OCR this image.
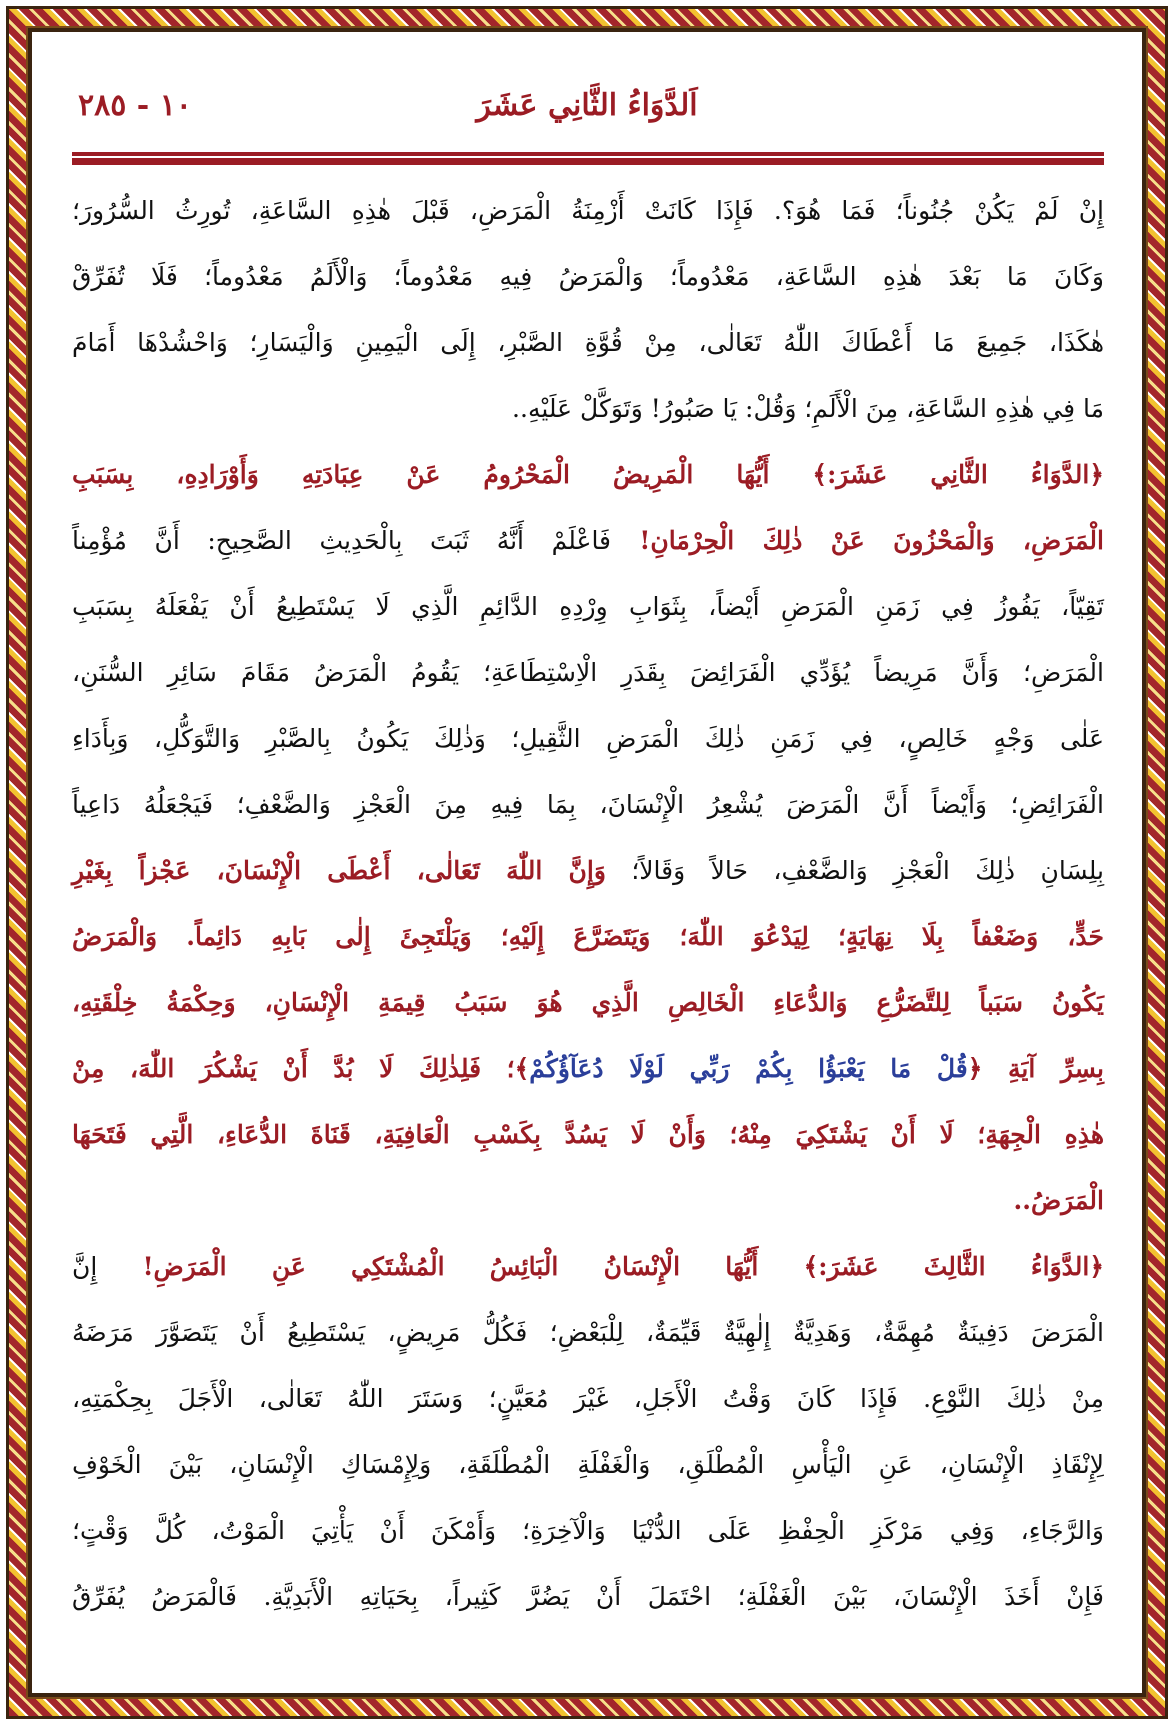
اَلدَّوَاءُ الثَّانِي عَشَرَ
١٠ - ٢٨٥
إِنْ لَمْ يَكُنْ جُنُوناً؛ فَمَا هُوَ؟. فَإِذَا كَانَتْ أَزْمِنَةُ الْمَرَضِ، قَبْلَ هٰذِهِ السَّاعَةِ، تُورِثُ السُّرُورَ؛
وَكَانَ مَا بَعْدَ هٰذِهِ السَّاعَةِ، مَعْدُوماً؛ وَالْمَرَضُ فِيهِ مَعْدُوماً؛ وَالْأَلَمُ مَعْدُوماً؛ فَلَا تُفَرِّقْ
هٰكَذَا، جَمِيعَ مَا أَعْطَاكَ اللّٰهُ تَعَالٰى، مِنْ قُوَّةِ الصَّبْرِ، إِلَى الْيَمِينِ وَالْيَسَارِ؛ وَاحْشُدْهَا أَمَامَ
مَا فِي هٰذِهِ السَّاعَةِ، مِنَ الْأَلَمِ؛ وَقُلْ: يَا صَبُورُ! وَتَوَكَّلْ عَلَيْهِ..
﴿الدَّوَاءُ الثَّانِي عَشَرَ:﴾ أَيُّهَا الْمَرِيضُ الْمَحْرُومُ عَنْ عِبَادَتِهِ وَأَوْرَادِهِ، بِسَبَبِ
الْمَرَضِ، وَالْمَحْزُونَ عَنْ ذٰلِكَ الْحِرْمَانِ! فَاعْلَمْ أَنَّهُ ثَبَتَ بِالْحَدِيثِ الصَّحِيحِ: أَنَّ مُؤْمِناً
تَقِيّاً، يَفُوزُ فِي زَمَنِ الْمَرَضِ أَيْضاً، بِثَوَابِ وِرْدِهِ الدَّائِمِ الَّذِي لَا يَسْتَطِيعُ أَنْ يَفْعَلَهُ بِسَبَبِ
الْمَرَضِ؛ وَأَنَّ مَرِيضاً يُؤَدِّي الْفَرَائِضَ بِقَدَرِ الْاِسْتِطَاعَةِ؛ يَقُومُ الْمَرَضُ مَقَامَ سَائِرِ السُّنَنِ،
عَلٰى وَجْهٍ خَالِصٍ، فِي زَمَنِ ذٰلِكَ الْمَرَضِ الثَّقِيلِ؛ وَذٰلِكَ يَكُونُ بِالصَّبْرِ وَالتَّوَكُّلِ، وَبِأَدَاءِ
الْفَرَائِضِ؛ وَأَيْضاً أَنَّ الْمَرَضَ يُشْعِرُ الْإِنْسَانَ، بِمَا فِيهِ مِنَ الْعَجْزِ وَالضَّعْفِ؛ فَيَجْعَلُهُ دَاعِياً
بِلِسَانِ ذٰلِكَ الْعَجْزِ وَالضَّعْفِ، حَالاً وَقَالاً؛ وَإِنَّ اللّٰهَ تَعَالٰى، أَعْطَى الْإِنْسَانَ، عَجْزاً بِغَيْرِ
حَدٍّ، وَضَعْفاً بِلَا نِهَايَةٍ؛ لِيَدْعُوَ اللّٰهَ؛ وَيَتَضَرَّعَ إِلَيْهِ؛ وَيَلْتَجِئَ إِلٰى بَابِهِ دَائِماً. وَالْمَرَضُ
يَكُونُ سَبَباً لِلتَّضَرُّعِ وَالدُّعَاءِ الْخَالِصِ الَّذِي هُوَ سَبَبُ قِيمَةِ الْإِنْسَانِ، وَحِكْمَةُ خِلْقَتِهِ،
بِسِرِّ آيَةِ ﴿قُلْ مَا يَعْبَؤُا بِكُمْ رَبِّي لَوْلَا دُعَآؤُكُمْ﴾؛ فَلِذٰلِكَ لَا بُدَّ أَنْ يَشْكُرَ اللّٰهَ، مِنْ
هٰذِهِ الْجِهَةِ؛ لَا أَنْ يَشْتَكِيَ مِنْهُ؛ وَأَنْ لَا يَسُدَّ بِكَسْبِ الْعَافِيَةِ، قَنَاةَ الدُّعَاءِ، الَّتِي فَتَحَهَا
الْمَرَضُ..
﴿الدَّوَاءُ الثَّالِثَ عَشَرَ:﴾ أَيُّهَا الْإِنْسَانُ الْبَائِسُ الْمُشْتَكِي عَنِ الْمَرَضِ! إِنَّ
الْمَرَضَ دَفِينَةٌ مُهِمَّةٌ، وَهَدِيَّةٌ إِلٰهِيَّةٌ قَيِّمَةٌ، لِلْبَعْضِ؛ فَكُلُّ مَرِيضٍ، يَسْتَطِيعُ أَنْ يَتَصَوَّرَ مَرَضَهُ
مِنْ ذٰلِكَ النَّوْعِ. فَإِذَا كَانَ وَقْتُ الْأَجَلِ، غَيْرَ مُعَيَّنٍ؛ وَسَتَرَ اللّٰهُ تَعَالٰى، الْأَجَلَ بِحِكْمَتِهِ،
لِإِنْقَاذِ الْإِنْسَانِ، عَنِ الْيَأْسِ الْمُطْلَقِ، وَالْغَفْلَةِ الْمُطْلَقَةِ، وَلِإِمْسَاكِ الْإِنْسَانِ، بَيْنَ الْخَوْفِ
وَالرَّجَاءِ، وَفِي مَرْكَزِ الْحِفْظِ عَلَى الدُّنْيَا وَالْآخِرَةِ؛ وَأَمْكَنَ أَنْ يَأْتِيَ الْمَوْتُ، كُلَّ وَقْتٍ؛
فَإِنْ أَخَذَ الْإِنْسَانَ، بَيْنَ الْغَفْلَةِ؛ احْتَمَلَ أَنْ يَضُرَّ كَثِيراً، بِحَيَاتِهِ الْأَبَدِيَّةِ. فَالْمَرَضُ يُفَرِّقُ
